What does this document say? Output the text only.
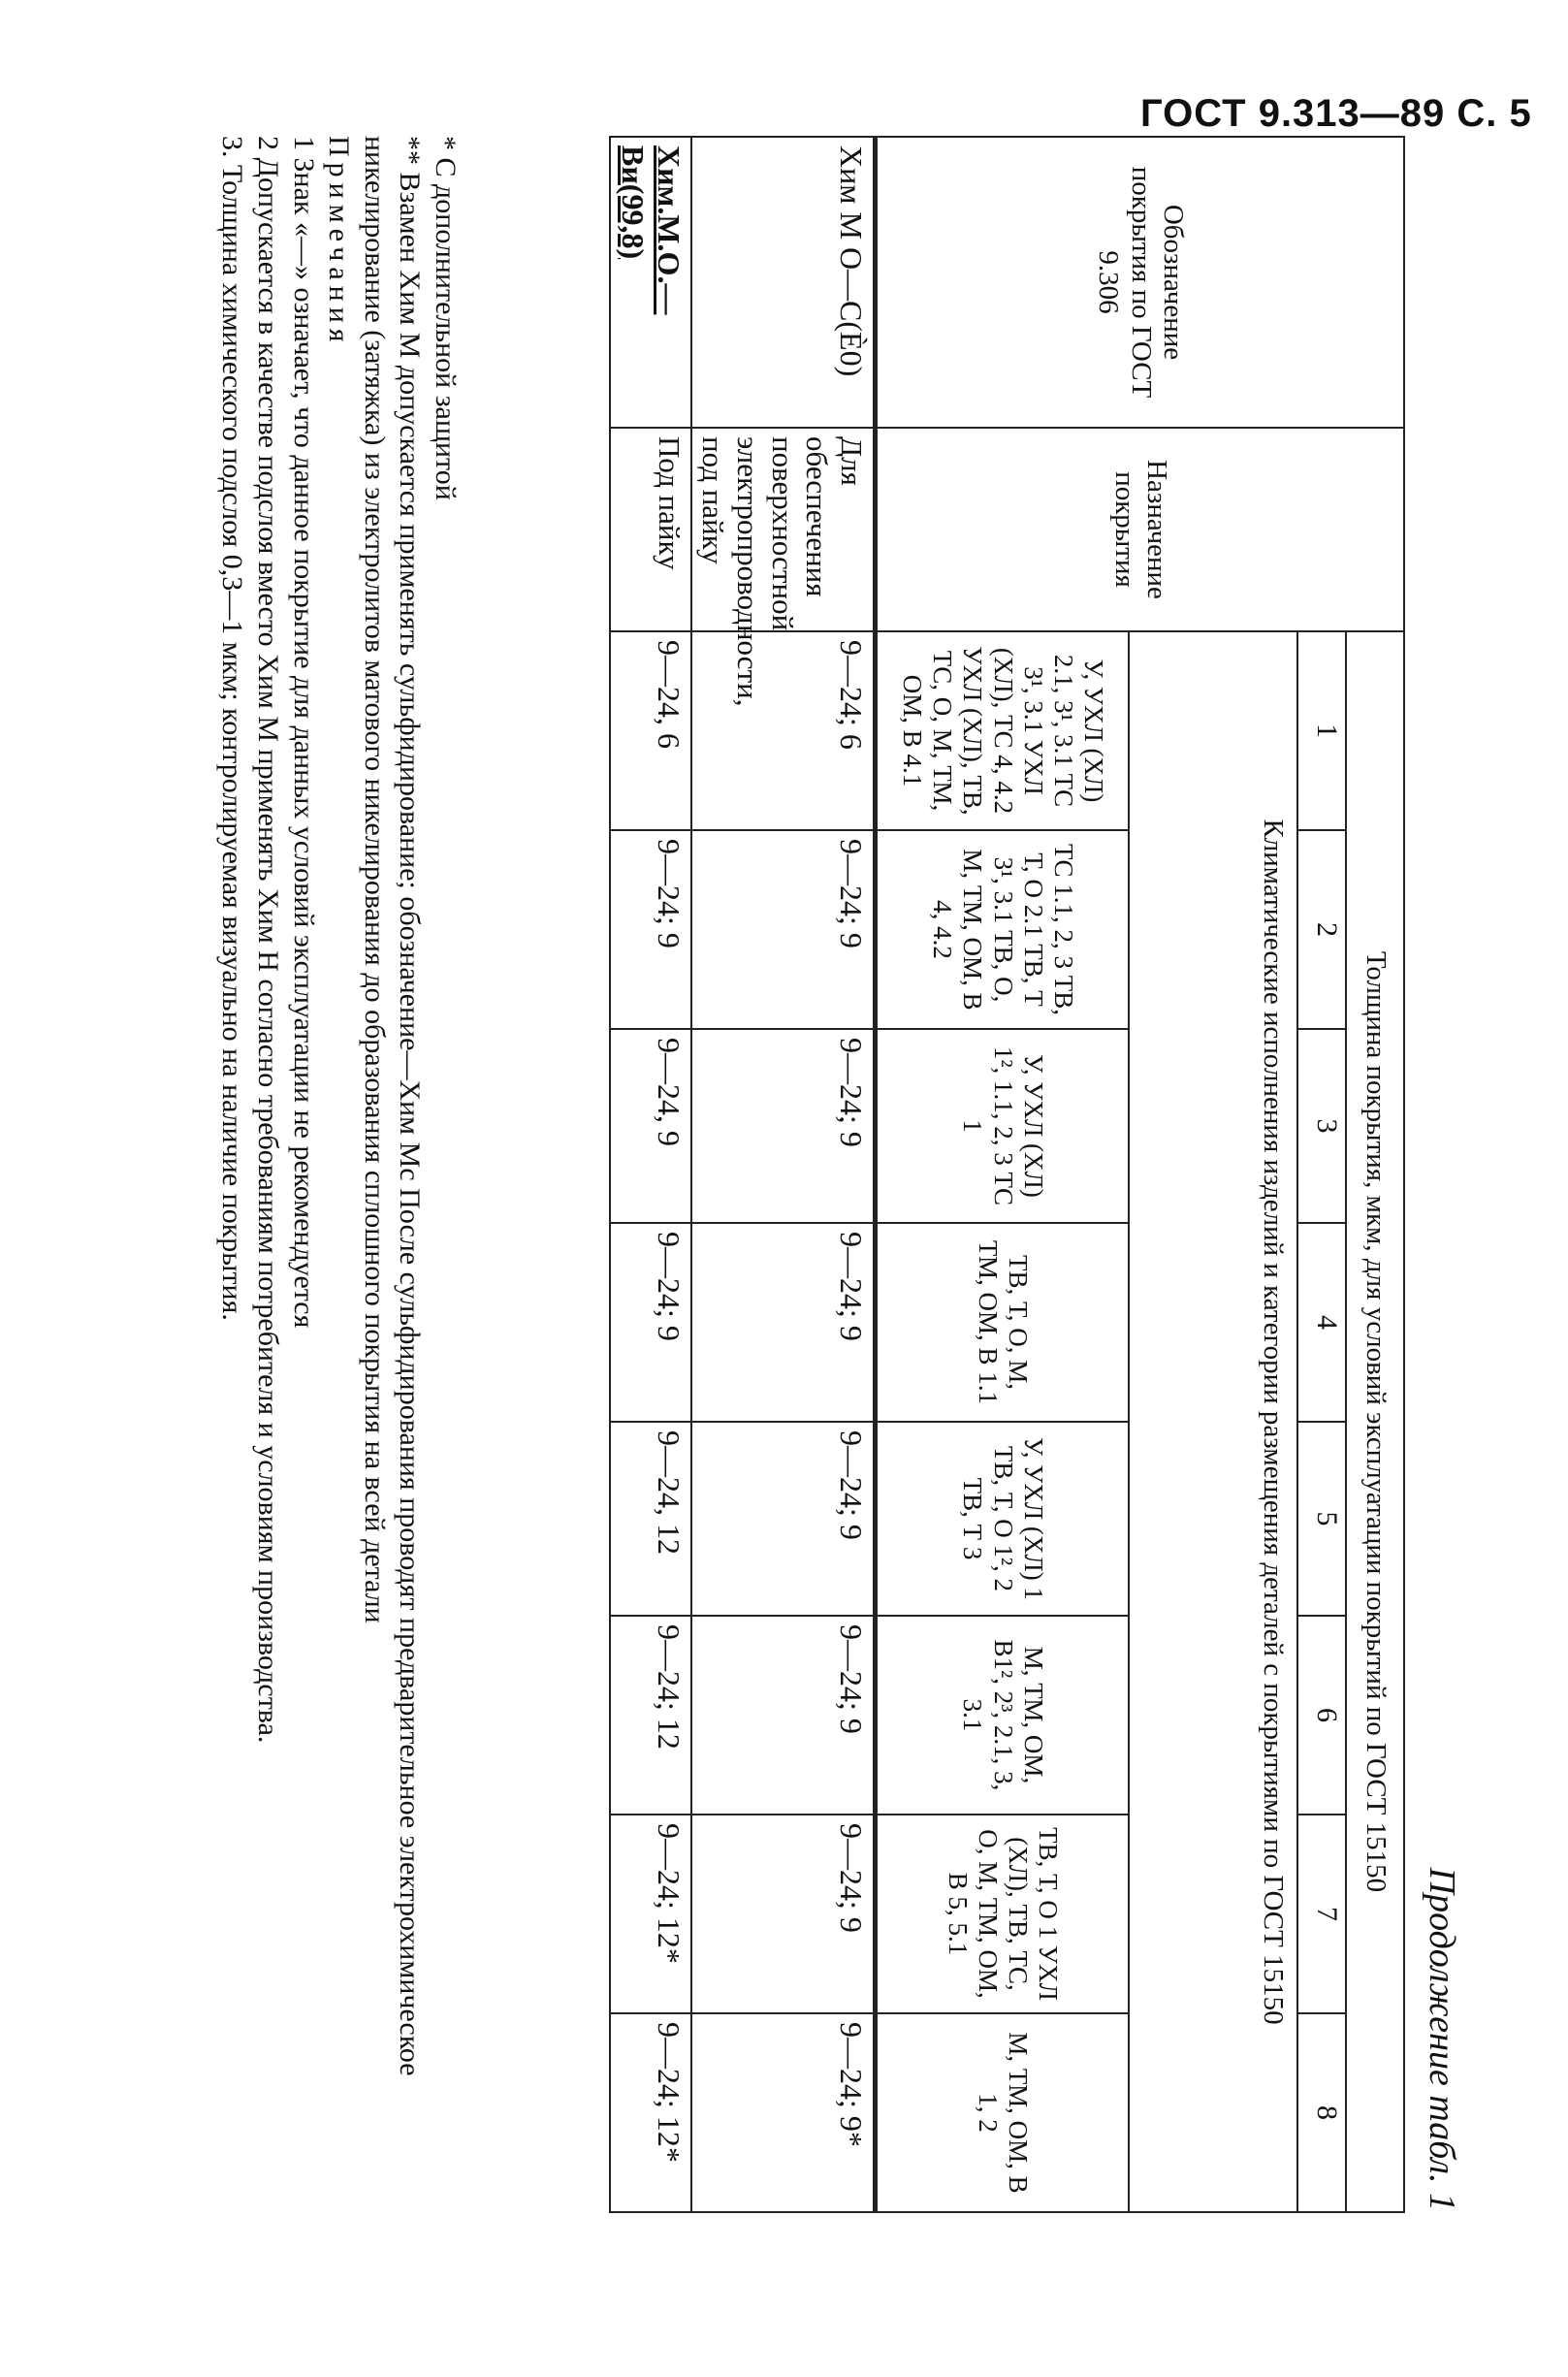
ГОСТ 9.313—89 С. 5
Продолжение табл. 1
Обозначение покрытия по ГОСТ 9.306	Назначение покрытия	Толщина покрытия, мкм, для условий эксплуатации покрытий по ГОСТ 15150							
		1	2	3	4	5	6	7	8
		Климатические исполнения изделий и категории размещения деталей с покрытиями по ГОСТ 15150							
		У, УХЛ (ХЛ) 2.1, 3¹, 3.1 ТС 3¹, 3.1 УХЛ (ХЛ), ТС 4, 4.2 УХЛ (ХЛ), ТВ, ТС, О, М, ТМ, ОМ, В 4.1	ТС 1.1, 2, 3 ТВ, Т, О 2.1 ТВ, Т 3¹, 3.1 ТВ, О, М, ТМ, ОМ, В 4, 4.2	У, УХЛ (ХЛ) 1², 1.1, 2, 3 ТС 1	ТВ, Т, О, М, ТМ, ОМ, В 1.1	У, УХЛ (ХЛ) 1 ТВ, Т, О 1², 2 ТВ, Т 3	М, ТМ, ОМ, В1², 2³, 2.1, 3, 3.1	ТВ, Т, О 1 УХЛ (ХЛ), ТВ, ТС, О, М, ТМ, ОМ, В 5, 5.1	М, ТМ, ОМ, В 1, 2
Хим М О—С(Ѐ0)	Для обеспечения поверхностной электропроводности, под пайку	9—24; 6	9—24; 9	9—24; 9	9—24; 9	9—24; 9	9—24; 9	9—24; 9	9—24; 9*
Хим.М.О.—Ви(99,8)	Под пайку	9—24, 6	9—24; 9	9—24, 9	9—24; 9	9—24, 12	9—24; 12	9—24; 12*	9—24; 12*

* С дополнительной защитой

** Взамен Хим М допускается применять сульфидирование; обозначение—Хим Мс После сульфидирования проводят предварительное электрохимическое никелирование (затяжка) из электролитов матового никелирования до образования сплошного покрытия на всей детали

Примечания

1 Знак «—» означает, что данное покрытие для данных условий эксплуатации не рекомендуется

2 Допускается в качестве подслоя вместо Хим М применять Хим Н согласно требованиям потребителя и условиям производства.

3. Толщина химического подслоя 0,3—1 мкм; контролируемая визуально на наличие покрытия.
